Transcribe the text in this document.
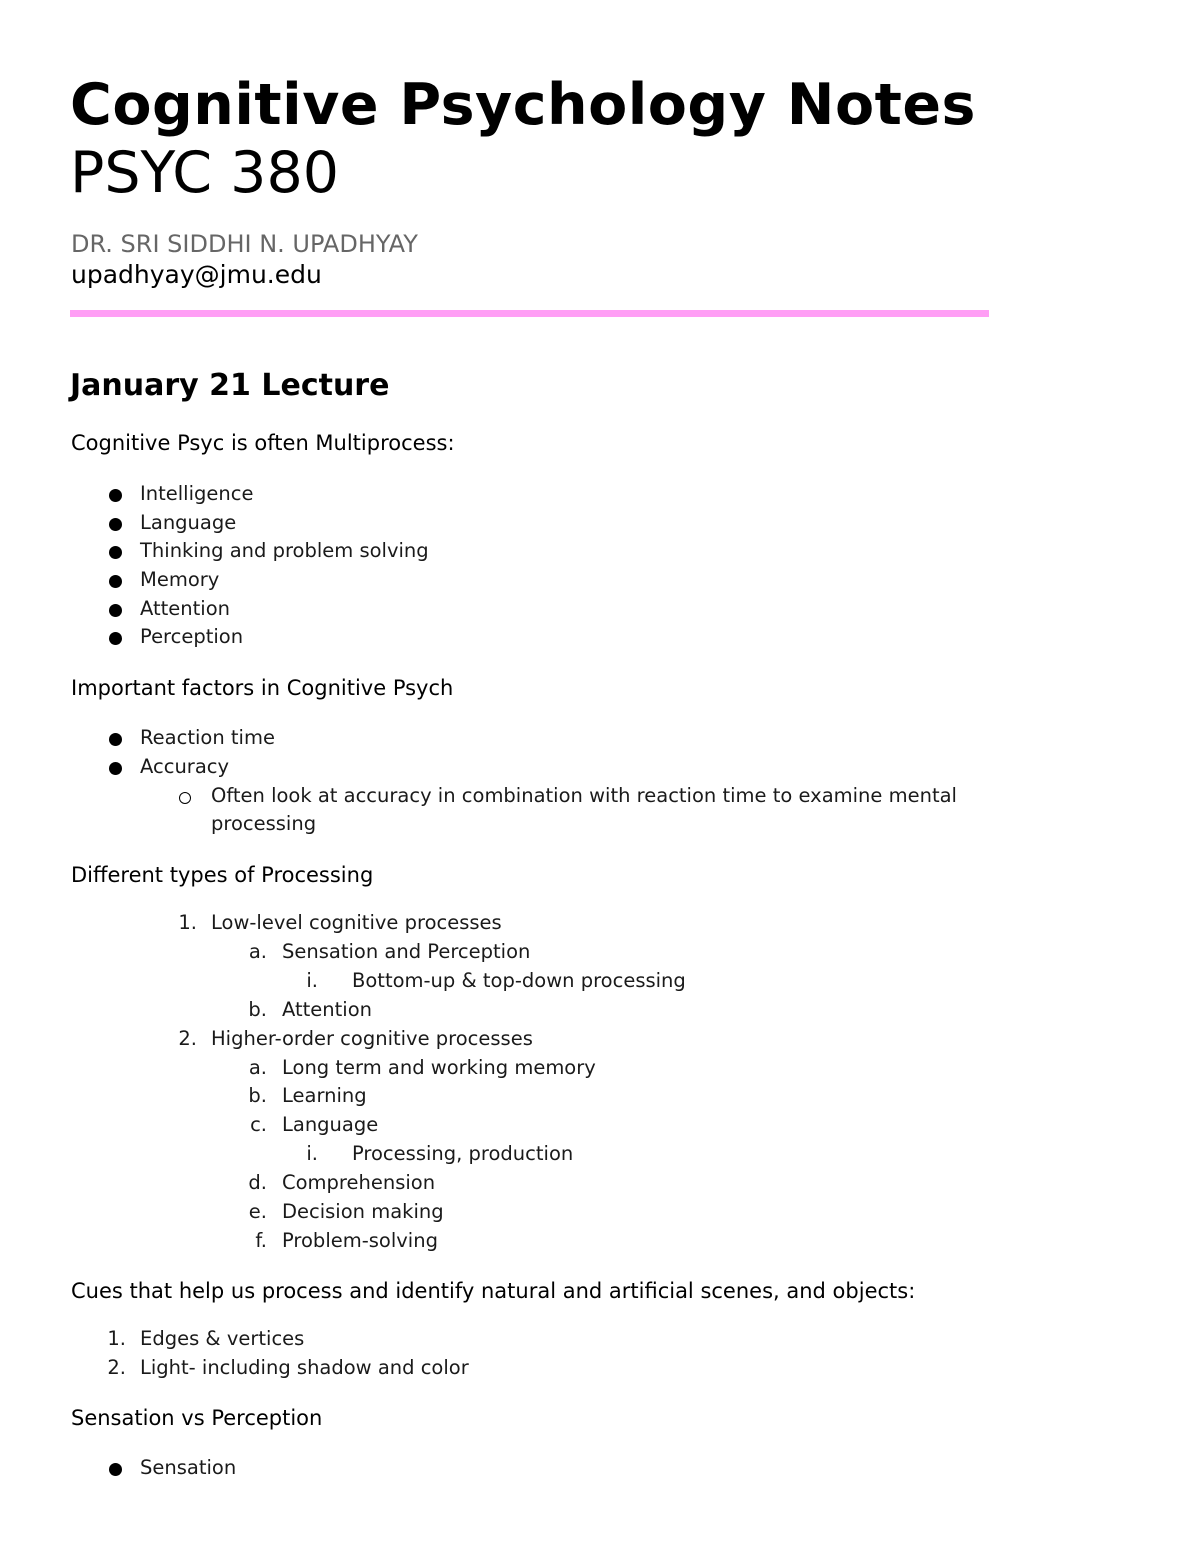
Cognitive Psychology Notes
PSYC 380
DR. SRI SIDDHI N. UPADHYAY
upadhyay@jmu.edu
January 21 Lecture
Cognitive Psyc is often Multiprocess:
Intelligence
Language
Thinking and problem solving
Memory
Attention
Perception
Important factors in Cognitive Psych
Reaction time
Accuracy
Often look at accuracy in combination with reaction time to examine mental
processing
Different types of Processing
1. Low-level cognitive processes
a. Sensation and Perception
i. Bottom-up & top-down processing
b. Attention
2. Higher-order cognitive processes
a. Long term and working memory
b. Learning
c. Language
i. Processing, production
d. Comprehension
e. Decision making
f. Problem-solving
Cues that help us process and identify natural and artificial scenes, and objects:
1. Edges & vertices
2. Light- including shadow and color
Sensation vs Perception
Sensation
